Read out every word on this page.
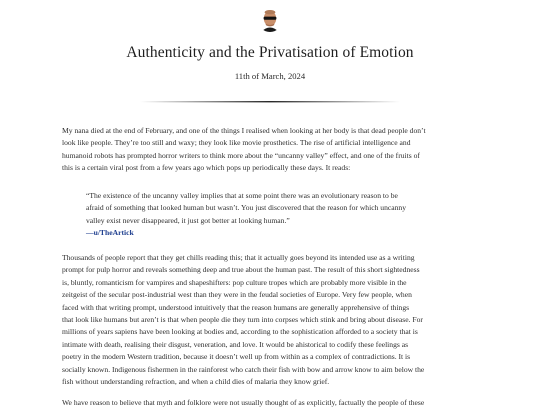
Authenticity and the Privatisation of Emotion
11th of March, 2024
My nana died at the end of February, and one of the things I realised when looking at her body is that dead people don’t
look like people. They’re too still and waxy; they look like movie prosthetics. The rise of artificial intelligence and
humanoid robots has prompted horror writers to think more about the “uncanny valley” effect, and one of the fruits of
this is a certain viral post from a few years ago which pops up periodically these days. It reads:
“The existence of the uncanny valley implies that at some point there was an evolutionary reason to be
afraid of something that looked human but wasn’t. You just discovered that the reason for which uncanny
valley exist never disappeared, it just got better at looking human.”
—u/TheArtick
Thousands of people report that they get chills reading this; that it actually goes beyond its intended use as a writing
prompt for pulp horror and reveals something deep and true about the human past. The result of this short sightedness
is, bluntly, romanticism for vampires and shapeshifters: pop culture tropes which are probably more visible in the
zeitgeist of the secular post-industrial west than they were in the feudal societies of Europe. Very few people, when
faced with that writing prompt, understood intuitively that the reason humans are generally apprehensive of things
that look like humans but aren’t is that when people die they turn into corpses which stink and bring about disease. For
millions of years sapiens have been looking at bodies and, according to the sophistication afforded to a society that is
intimate with death, realising their disgust, veneration, and love. It would be ahistorical to codify these feelings as
poetry in the modern Western tradition, because it doesn’t well up from within as a complex of contradictions. It is
socially known. Indigenous fishermen in the rainforest who catch their fish with bow and arrow know to aim below the
fish without understanding refraction, and when a child dies of malaria they know grief.
We have reason to believe that myth and folklore were not usually thought of as explicitly, factually the people of these
